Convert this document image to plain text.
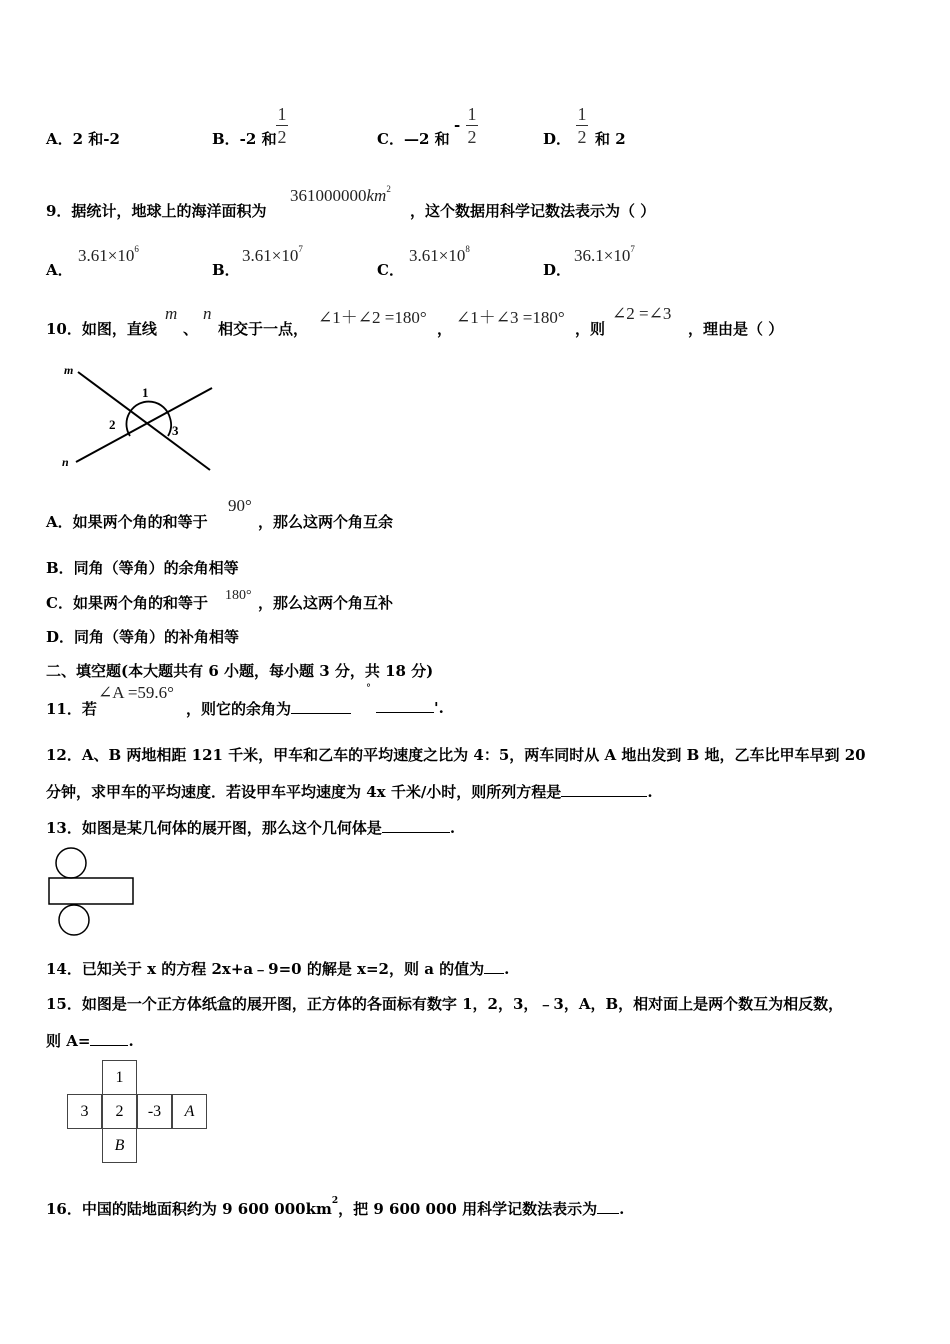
A．2 和-2	B．-2 和
1
2	C．—2 和
-
1
2	D．
1
2 和 2
9．据统计，地球上的海洋面积为
$361000000km^2$
，这个数据用科学记数法表示为（ ）
A．
$3.61\times 10^6$
B．
$3.61\times 10^7$
C．
$3.61\times 10^8$
D．
$36.1\times 10^7$
10．如图，直线
m
、
n
相交于一点，
∠1＋∠2 =180°
，
∠1＋∠3 =180°
，则
∠2 =∠3
，理由是（ ）
m
n
1
2	3
A．如果两个角的和等于
90°
，那么这两个角互余
B．同角（等角）的余角相等
C．如果两个角的和等于 180° ，那么这两个角互补
D．同角（等角）的补角相等
二、填空题(本大题共有 6 小题，每小题 3 分，共 18 分)
11．若
∠A =59.6°
，则它的余角为
°
'.
12．A、B 两地相距 121 千米，甲车和乙车的平均速度之比为 4：5，两车同时从 A 地出发到 B 地，乙车比甲车早到 20
分钟，求甲车的平均速度．若设甲车平均速度为 4x 千米/小时，则所列方程是	.
13．如图是某几何体的展开图，那么这个几何体是	.
14．已知关于 x 的方程 2x+a﹣9=0 的解是 x=2，则 a 的值为 .
15．如图是一个正方体纸盒的展开图，正方体的各面标有数字 1，2，3，﹣3，A，B，相对面上是两个数互为相反数，
则 A=	.
1
3	2	-3	A
B
16．中国的陆地面积约为 9 600 $000km^2$，把 9 600 000 用科学记数法表示为 .
